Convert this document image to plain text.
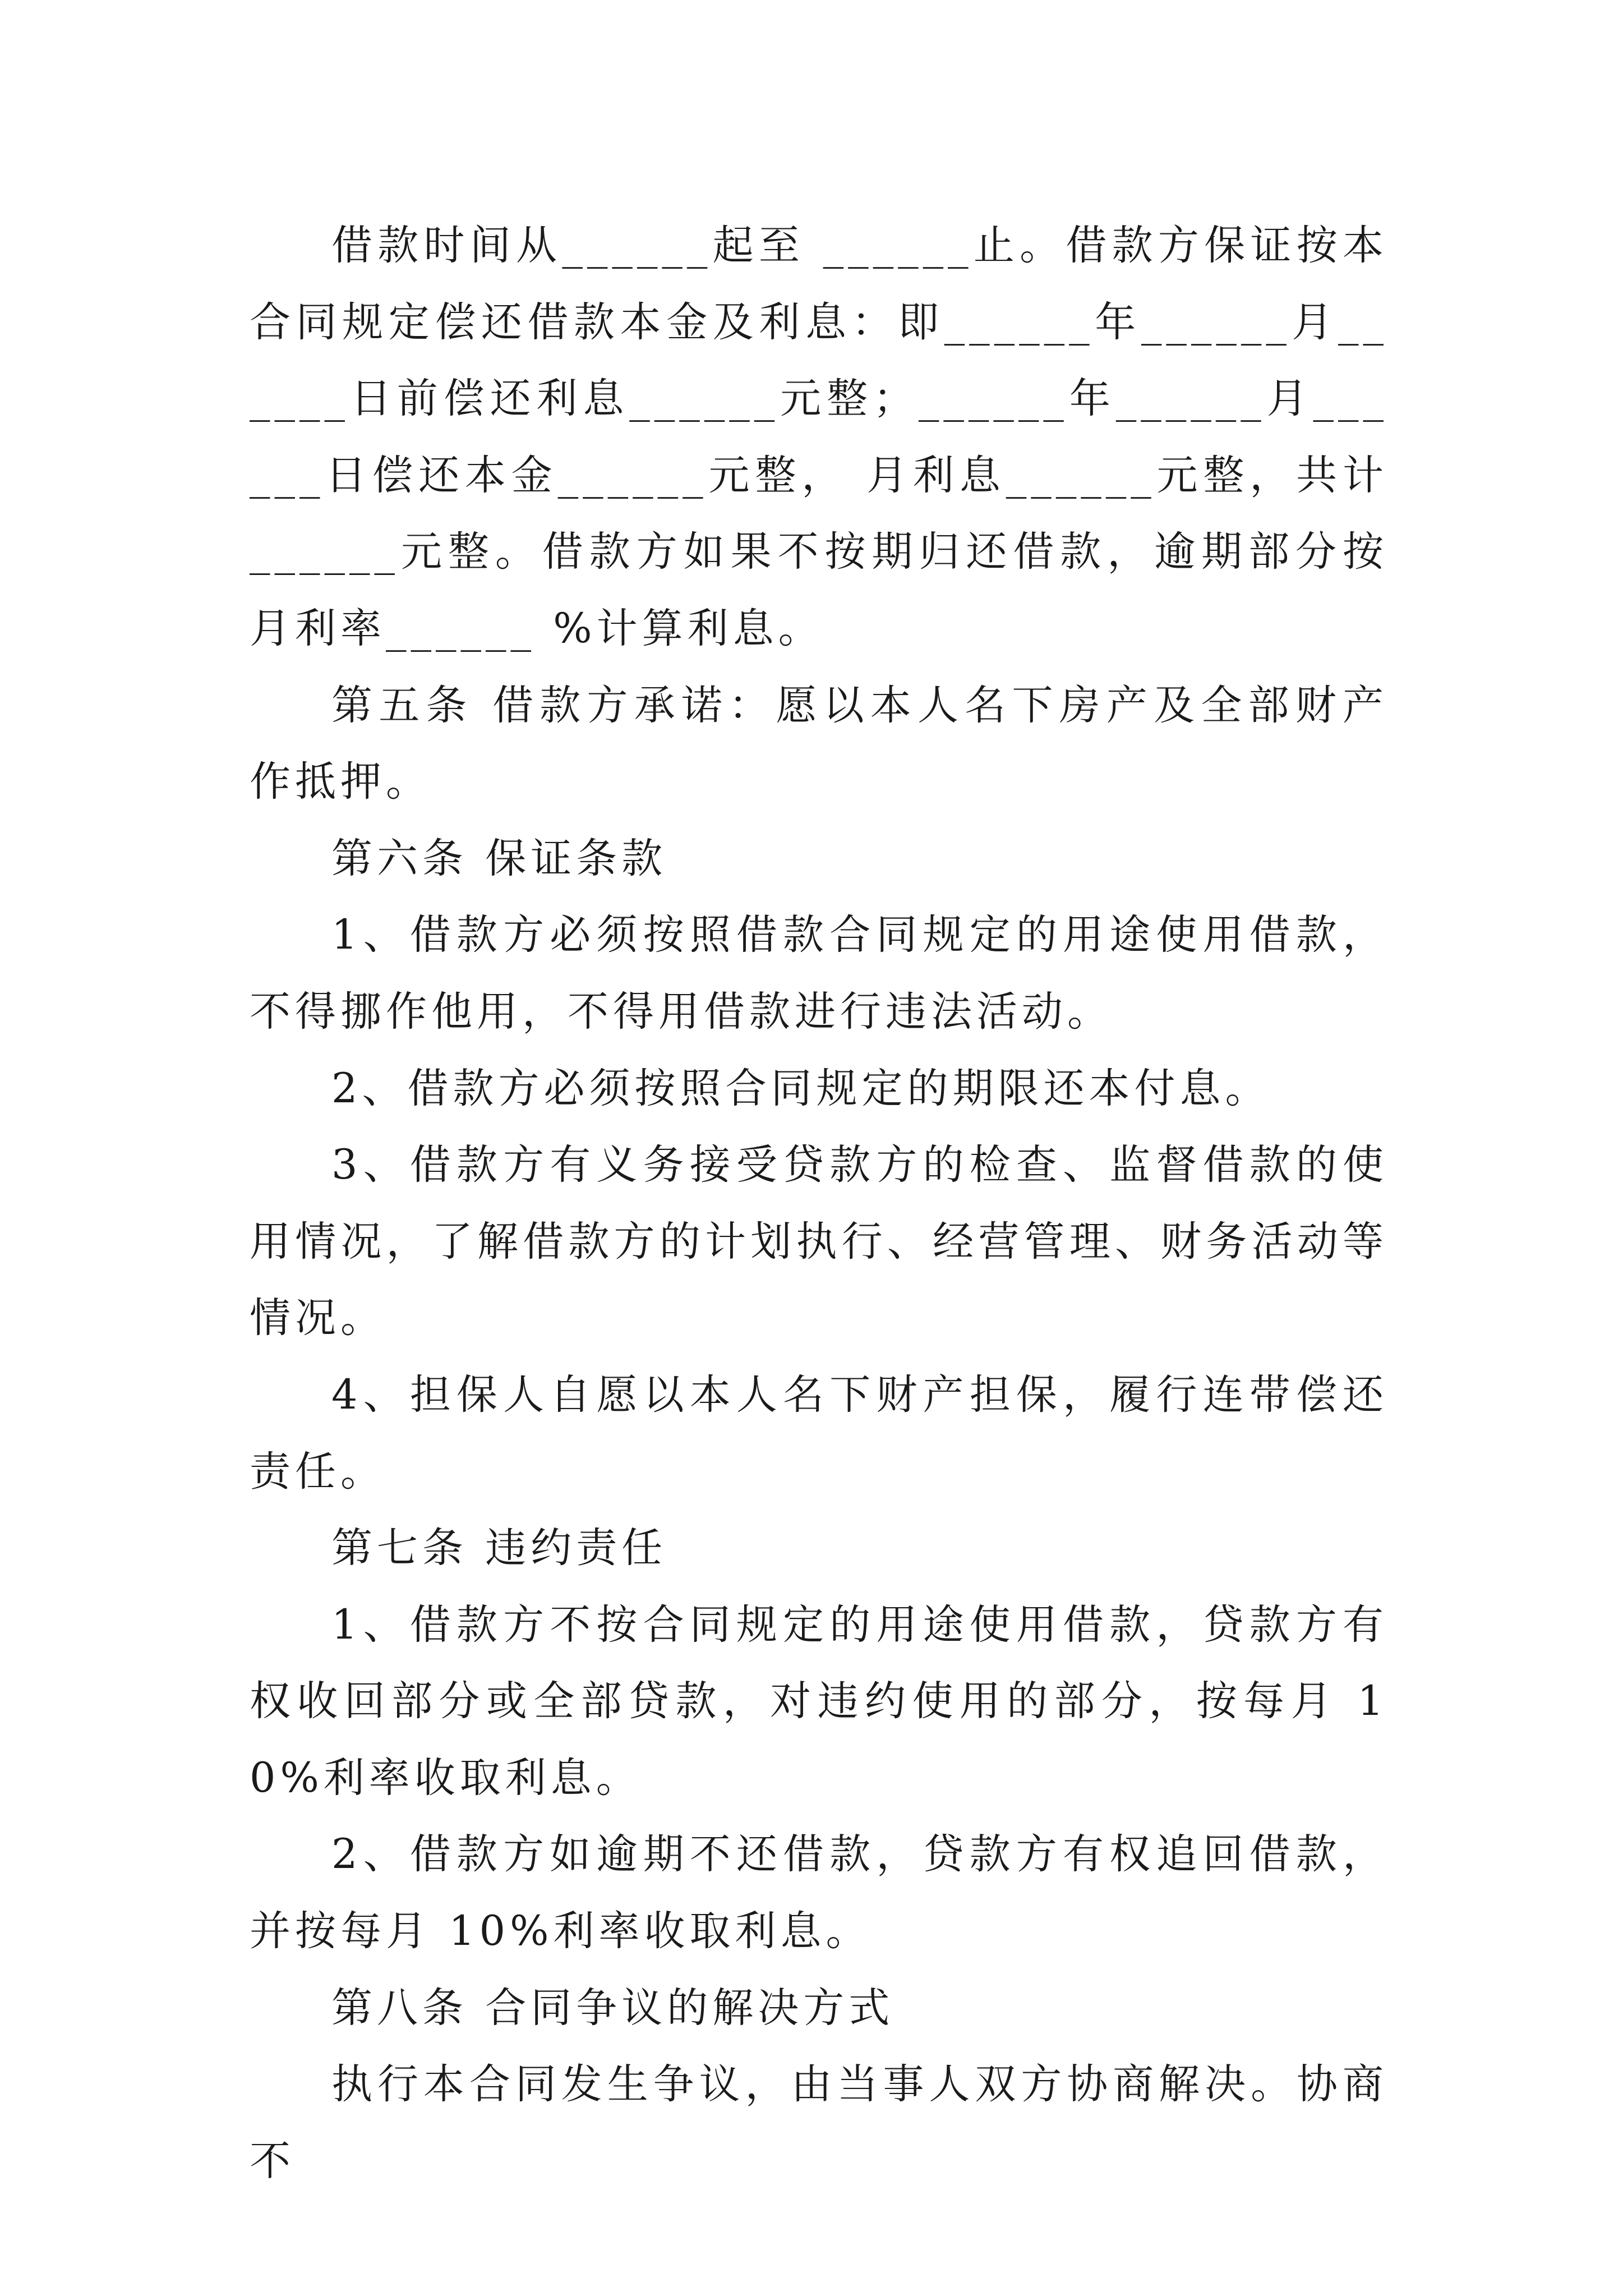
借款时间从______起至 ______止。借款方保证按本合同规定偿还借款本金及利息：即______年______月______日前偿还利息______元整；______年______月______日偿还本金______元整， 月利息______元整，共计______元整。借款方如果不按期归还借款，逾期部分按月利率______ %计算利息。

第五条 借款方承诺：愿以本人名下房产及全部财产作抵押。

第六条 保证条款

1、借款方必须按照借款合同规定的用途使用借款，不得挪作他用，不得用借款进行违法活动。

2、借款方必须按照合同规定的期限还本付息。

3、借款方有义务接受贷款方的检查、监督借款的使用情况，了解借款方的计划执行、经营管理、财务活动等情况。

4、担保人自愿以本人名下财产担保，履行连带偿还责任。

第七条 违约责任

1、借款方不按合同规定的用途使用借款，贷款方有权收回部分或全部贷款，对违约使用的部分，按每月 10%利率收取利息。

2、借款方如逾期不还借款，贷款方有权追回借款，并按每月 10%利率收取利息。

第八条 合同争议的解决方式

执行本合同发生争议，由当事人双方协商解决。协商不
